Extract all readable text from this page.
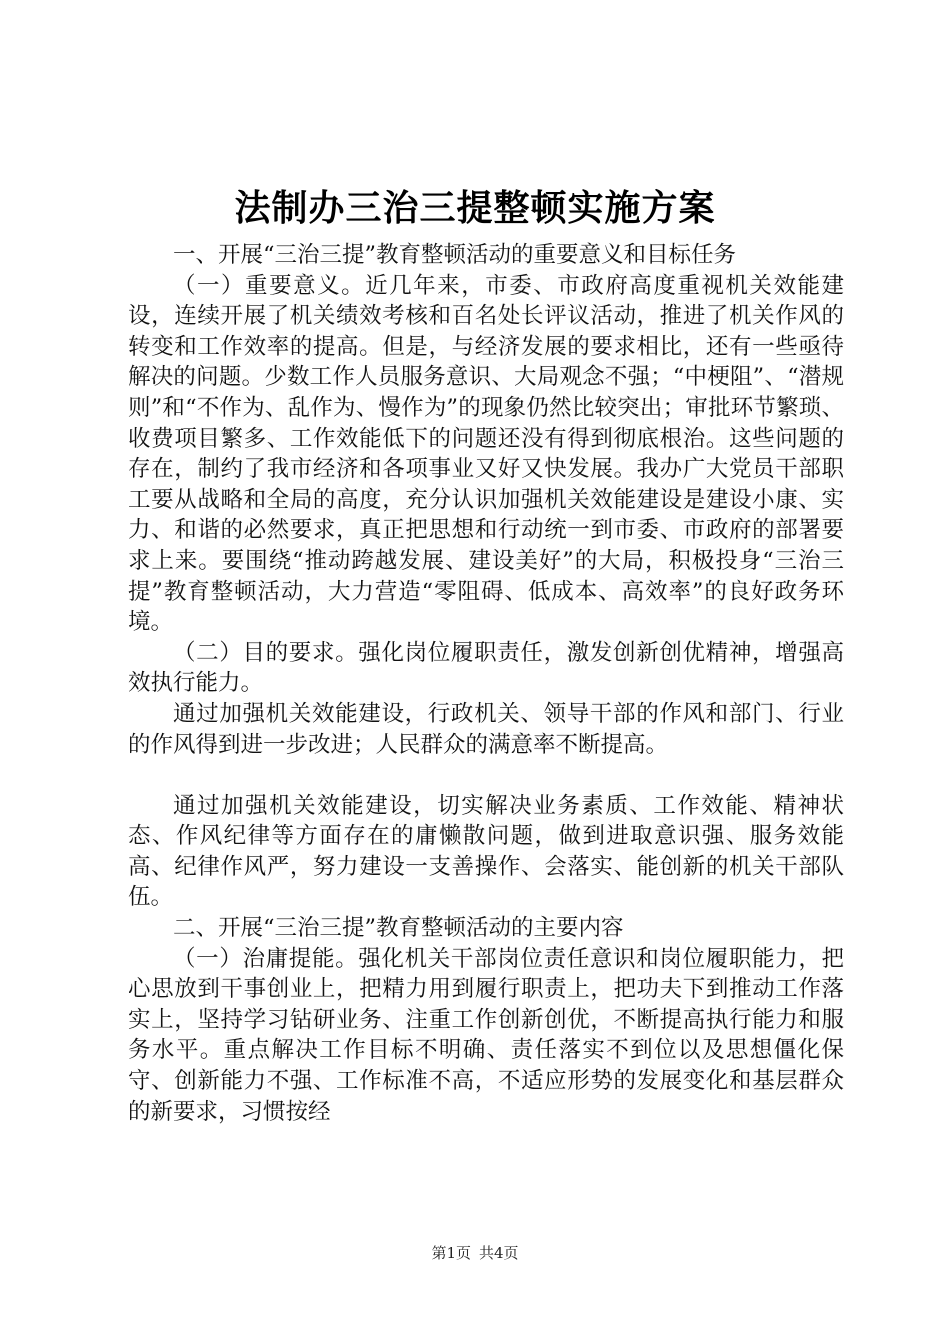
法制办三治三提整顿实施方案

一、开展“三治三提”教育整顿活动的重要意义和目标任务

（一）重要意义。近几年来，市委、市政府高度重视机关效能建设，连续开展了机关绩效考核和百名处长评议活动，推进了机关作风的转变和工作效率的提高。但是，与经济发展的要求相比，还有一些亟待解决的问题。少数工作人员服务意识、大局观念不强；“中梗阻”、“潜规则”和“不作为、乱作为、慢作为”的现象仍然比较突出；审批环节繁琐、收费项目繁多、工作效能低下的问题还没有得到彻底根治。这些问题的存在，制约了我市经济和各项事业又好又快发展。我办广大党员干部职工要从战略和全局的高度，充分认识加强机关效能建设是建设小康、实力、和谐的必然要求，真正把思想和行动统一到市委、市政府的部署要求上来。要围绕“推动跨越发展、建设美好”的大局，积极投身“三治三提”教育整顿活动，大力营造“零阻碍、低成本、高效率”的良好政务环境。

（二）目的要求。强化岗位履职责任，激发创新创优精神，增强高效执行能力。

通过加强机关效能建设，行政机关、领导干部的作风和部门、行业的作风得到进一步改进；人民群众的满意率不断提高。

通过加强机关效能建设，切实解决业务素质、工作效能、精神状态、作风纪律等方面存在的庸懒散问题，做到进取意识强、服务效能高、纪律作风严，努力建设一支善操作、会落实、能创新的机关干部队伍。

二、开展“三治三提”教育整顿活动的主要内容

（一）治庸提能。强化机关干部岗位责任意识和岗位履职能力，把心思放到干事创业上，把精力用到履行职责上，把功夫下到推动工作落实上，坚持学习钻研业务、注重工作创新创优，不断提高执行能力和服务水平。重点解决工作目标不明确、责任落实不到位以及思想僵化保守、创新能力不强、工作标准不高，不适应形势的发展变化和基层群众的新要求，习惯按经

第1页 共4页
